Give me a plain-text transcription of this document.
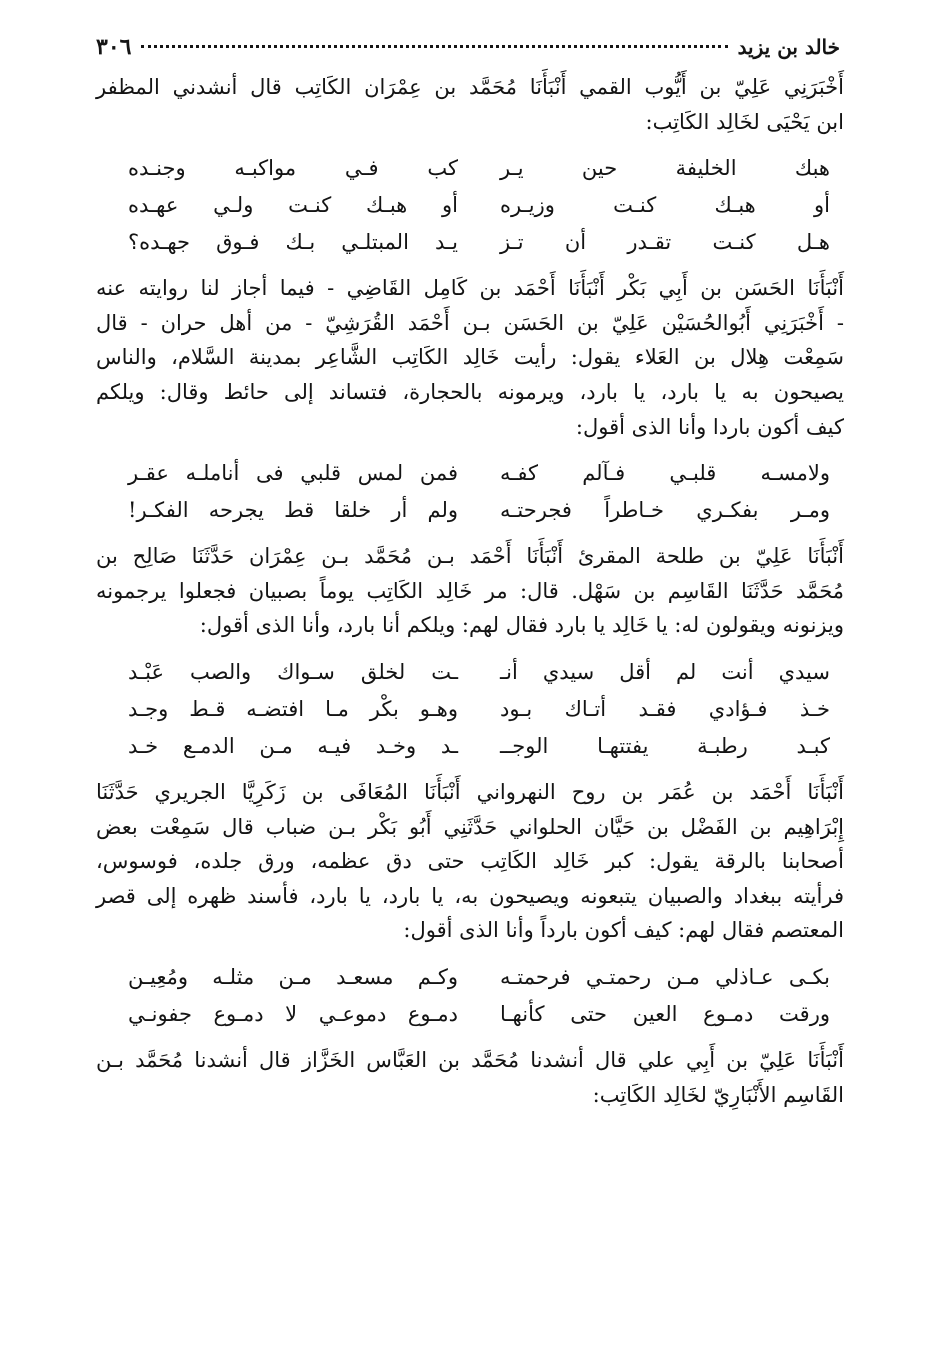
خالد بن يزيد
٣٠٦

أَخْبَرَنِي عَلِيّ بن أَيُّوب القمي أَنْبَأَنَا مُحَمَّد بن عِمْرَان الكَاتِب قال أنشدني المظفر
ابن يَحْيَى لخَالِد الكَاتِب:

هبك الخليفة حين يـر
كب فـي مواكبـه وجنـده
أو هبـك كنـت وزيـره
أو هبـك كنـت ولـي عهـده
هـل كنـت تقـدر أن تـز
يـد المبتلـي بـك فـوق جهـده؟

أَنْبَأَنَا الحَسَن بن أَبِي بَكْر أَنْبَأَنَا أَحْمَد بن كَامِل القَاضِي - فيما أجاز لنا روايته عنه
- أَخْبَرَنِي أَبُوالحُسَيْن عَلِيّ بن الحَسَن بـن أَحْمَد القُرَشِيّ - من أهل حران - قال
سَمِعْت هِلال بن العَلاء يقول: رأيت خَالِد الكَاتِب الشَّاعِر بمدينة السَّلام، والناس
يصيحون به يا بارد، يا بارد، ويرمونه بالحجارة، فتساند إلى حائط وقال: ويلكم
كيف أكون باردا وأنا الذى أقول:

ولامسـه قلبـي فـآلم كفـه
فمن لمس قلبي فى أناملـه عقـر
ومـر بفكـري خـاطراً فجرحتـه
ولم أر خلقا قط يجرحه الفكـر!

أَنْبَأَنَا عَلِيّ بن طلحة المقرئ أَنْبَأَنَا أَحْمَد بـن مُحَمَّد بـن عِمْرَان حَدَّثَنَا صَالِح بن
مُحَمَّد حَدَّثَنَا القَاسِم بن سَهْل. قال: مر خَالِد الكَاتِب يوماً بصبيان فجعلوا يرجمونه
ويزنونه ويقولون له: يا خَالِد يا بارد فقال لهم: ويلكم أنا بارد، وأنا الذى أقول:

سيدي أنت لم أقل سيدي أنـ
ـت لخلق سـواك والصب عَبْـد
خـذ فـؤادي فقـد أتـاك بـود
وهـو بكْر مـا افتضـه قـط وجـد
كبـد رطبـة يفتتهـا الوجــ
ـد وخـد فيـه مـن الدمـع خـد

أَنْبَأَنَا أَحْمَد بن عُمَر بن روح النهرواني أَنْبَأَنَا المُعَافَى بن زَكَرِيَّا الجريري حَدَّثَنَا
إِبْرَاهِيم بن الفَضْل بن حَيَّان الحلواني حَدَّثَنِي أَبُو بَكْر بـن ضباب قال سَمِعْت بعض
أصحابنا بالرقة يقول: كبر خَالِد الكَاتِب حتى دق عظمه، ورق جلده، فوسوس،
فرأيته ببغداد والصبيان يتبعونه ويصيحون به، يا بارد، يا بارد، فأسند ظهره إلى قصر
المعتصم فقال لهم: كيف أكون بارداً وأنا الذى أقول:

بكـى عـاذلي مـن رحمتـي فرحمتـه
وكـم مسعـد مـن مثلـه ومُعِيـن
ورقت دمـوع العين حتى كأنهـا
دمـوع دموعـي لا دمـوع جفونـي

أَنْبَأَنَا عَلِيّ بن أَبِي علي قال أنشدنا مُحَمَّد بن العَبَّاس الخَزَّاز قال أنشدنا مُحَمَّد بـن
القَاسِم الأَنْبَارِيّ لخَالِد الكَاتِب:
